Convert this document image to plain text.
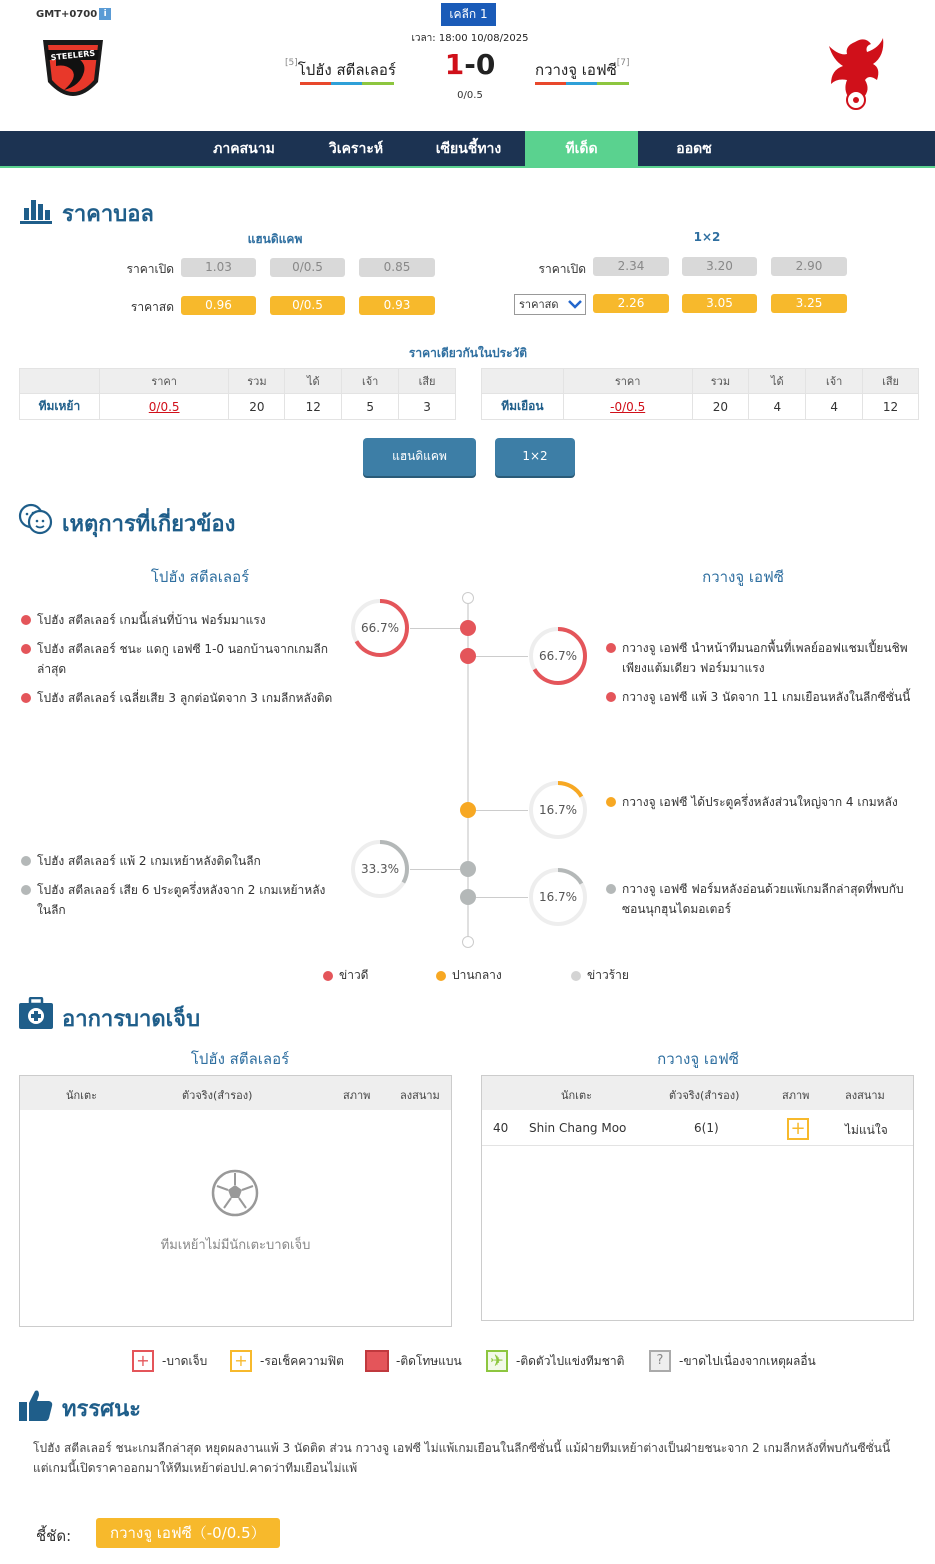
GMT+0700 i	เคลีก 1
เวลา: 18:00 10/08/2025
STEELERS
[5]โปฮัง สตีลเลอร์	1-0
0/0.5
กวางจู เอฟซี[7]
ภาคสนาม	วิเคราะห์	เซียนชี้ทาง	ทีเด็ด	ออดซ
ราคาบอล
แฮนดิแคพ	1×2
ราคาเปิด	1.03	0/0.5	0.85
ราคาสด	0.96	0/0.5	0.93
ราคาเปิด	2.34	3.20	2.90
ราคาสด	2.26	3.05	3.25
ราคาเดียวกันในประวัติ
	ราคา	รวม	ได้	เจ้า	เสีย
ทีมเหย้า	0/0.5	20	12	5	3
	ราคา	รวม	ได้	เจ้า	เสีย
ทีมเยือน	-0/0.5	20	4	4	12
แฮนดิแคพ	1×2
เหตุการที่เกี่ยวข้อง
โปฮัง สตีลเลอร์	กวางจู เอฟซี
66.7%
66.7%
16.7%
33.3%
16.7%
โปฮัง สตีลเลอร์ เกมนี้เล่นที่บ้าน ฟอร์มมาแรง
โปฮัง สตีลเลอร์ ชนะ แดกู เอฟซี 1-0 นอกบ้านจากเกมลีกล่าสุด
โปฮัง สตีลเลอร์ เฉลี่ยเสีย 3 ลูกต่อนัดจาก 3 เกมลีกหลังติด
กวางจู เอฟซี นำหน้าทีมนอกพื้นที่เพลย์ออฟแชมเปี้ยนชิพเพียงแต้มเดียว ฟอร์มมาแรง
กวางจู เอฟซี แพ้ 3 นัดจาก 11 เกมเยือนหลังในลีกซีซั่นนี้
กวางจู เอฟซี ได้ประตูครึ่งหลังส่วนใหญ่จาก 4 เกมหลัง
โปฮัง สตีลเลอร์ แพ้ 2 เกมเหย้าหลังติดในลีก
โปฮัง สตีลเลอร์ เสีย 6 ประตูครึ่งหลังจาก 2 เกมเหย้าหลังในลีก
กวางจู เอฟซี ฟอร์มหลังอ่อนด้วยแพ้เกมลีกล่าสุดที่พบกับ ซอนนุกฮุนไดมอเตอร์
ข่าวดี	ปานกลาง	ข่าวร้าย
อาการบาดเจ็บ
โปฮัง สตีลเลอร์	กวางจู เอฟซี
นักเตะ	ตัวจริง(สำรอง)	สภาพ	ลงสนาม
ทีมเหย้าไม่มีนักเตะบาดเจ็บ
นักเตะ	ตัวจริง(สำรอง)	สภาพ	ลงสนาม
40 Shin Chang Moo	6(1)	+	ไม่แน่ใจ
+	-บาดเจ็บ +	-รอเช็คความฟิต	-ติดโทษแบน ✈	-ติดตัวไปแข่งทีมชาติ	?	-ขาดไปเนื่องจากเหตุผลอื่น
ทรรศนะ
โปฮัง สตีลเลอร์ ชนะเกมลีกล่าสุด หยุดผลงานแพ้ 3 นัดติด ส่วน กวางจู เอฟซี ไม่แพ้เกมเยือนในลีกซีซั่นนี้ แม้ฝ่ายทีมเหย้าต่างเป็นฝ่ายชนะจาก 2 เกมลีกหลังที่พบกันซีซั่นนี้ แต่เกมนี้เปิดราคาออกมาให้ทีมเหย้าต่อปป.คาดว่าทีมเยือนไม่แพ้
ชี้ชัด:	กวางจู เอฟซี（-0/0.5）
